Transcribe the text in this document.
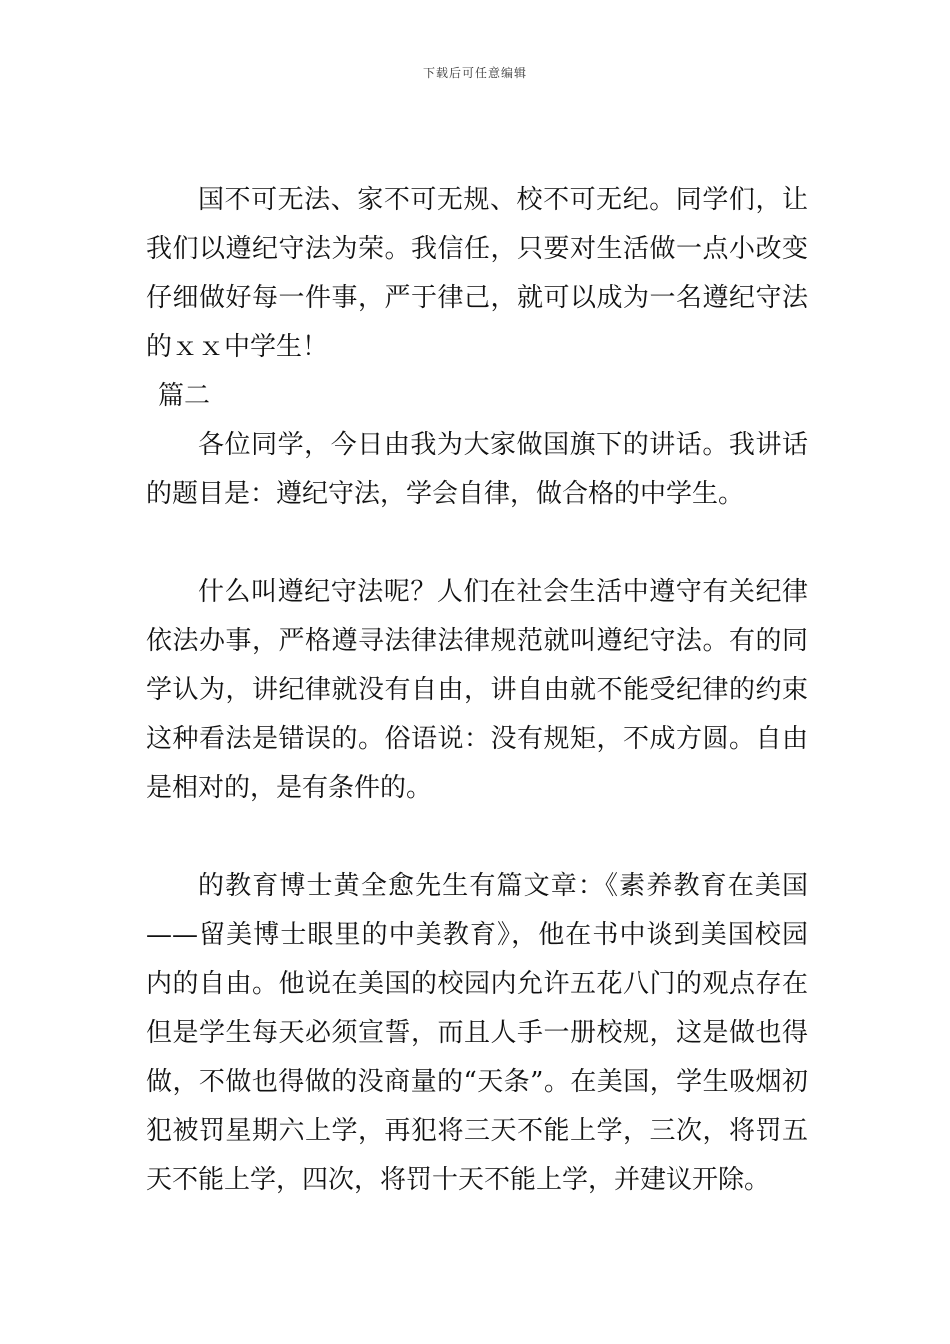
下载后可任意编辑

国不可无法、家不可无规、校不可无纪。同学们，让我们以遵纪守法为荣。我信任，只要对生活做一点小改变仔细做好每一件事，严于律己，就可以成为一名遵纪守法的ｘｘ中学生！

篇二

各位同学，今日由我为大家做国旗下的讲话。我讲话的题目是：遵纪守法，学会自律，做合格的中学生。

什么叫遵纪守法呢？人们在社会生活中遵守有关纪律依法办事，严格遵寻法律法律规范就叫遵纪守法。有的同学认为，讲纪律就没有自由，讲自由就不能受纪律的约束这种看法是错误的。俗语说：没有规矩，不成方圆。自由是相对的，是有条件的。

的教育博士黄全愈先生有篇文章：《素养教育在美国——留美博士眼里的中美教育》，他在书中谈到美国校园内的自由。他说在美国的校园内允许五花八门的观点存在但是学生每天必须宣誓，而且人手一册校规，这是做也得做，不做也得做的没商量的“天条”。在美国，学生吸烟初犯被罚星期六上学，再犯将三天不能上学，三次，将罚五天不能上学，四次，将罚十天不能上学，并建议开除。
